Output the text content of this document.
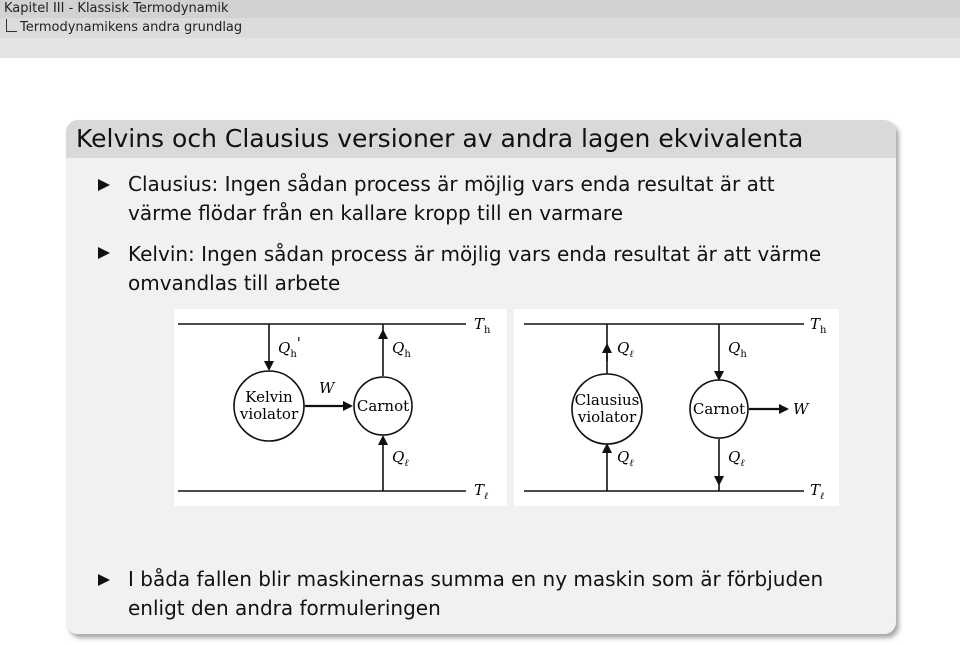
Kapitel III - Klassisk Termodynamik
Termodynamikens andra grundlag
Kelvins och Clausius versioner av andra lagen ekvivalenta
Clausius: Ingen sådan process är möjlig vars enda resultat är att
värme flödar från en kallare kropp till en varmare
Kelvin: Ingen sådan process är möjlig vars enda resultat är att värme
omvandlas till arbete
I båda fallen blir maskinernas summa en ny maskin som är förbjuden
enligt den andra formuleringen
$T_h$
$T_\ell$
Kelvin
violator	Carnot
$Q_h'$	$Q_h$
$Q_\ell$
W
$T_h$
$T_\ell$
Clausius
violator	Carnot
$Q_\ell$	$Q_h$
$Q_\ell$	$Q_\ell$
W
